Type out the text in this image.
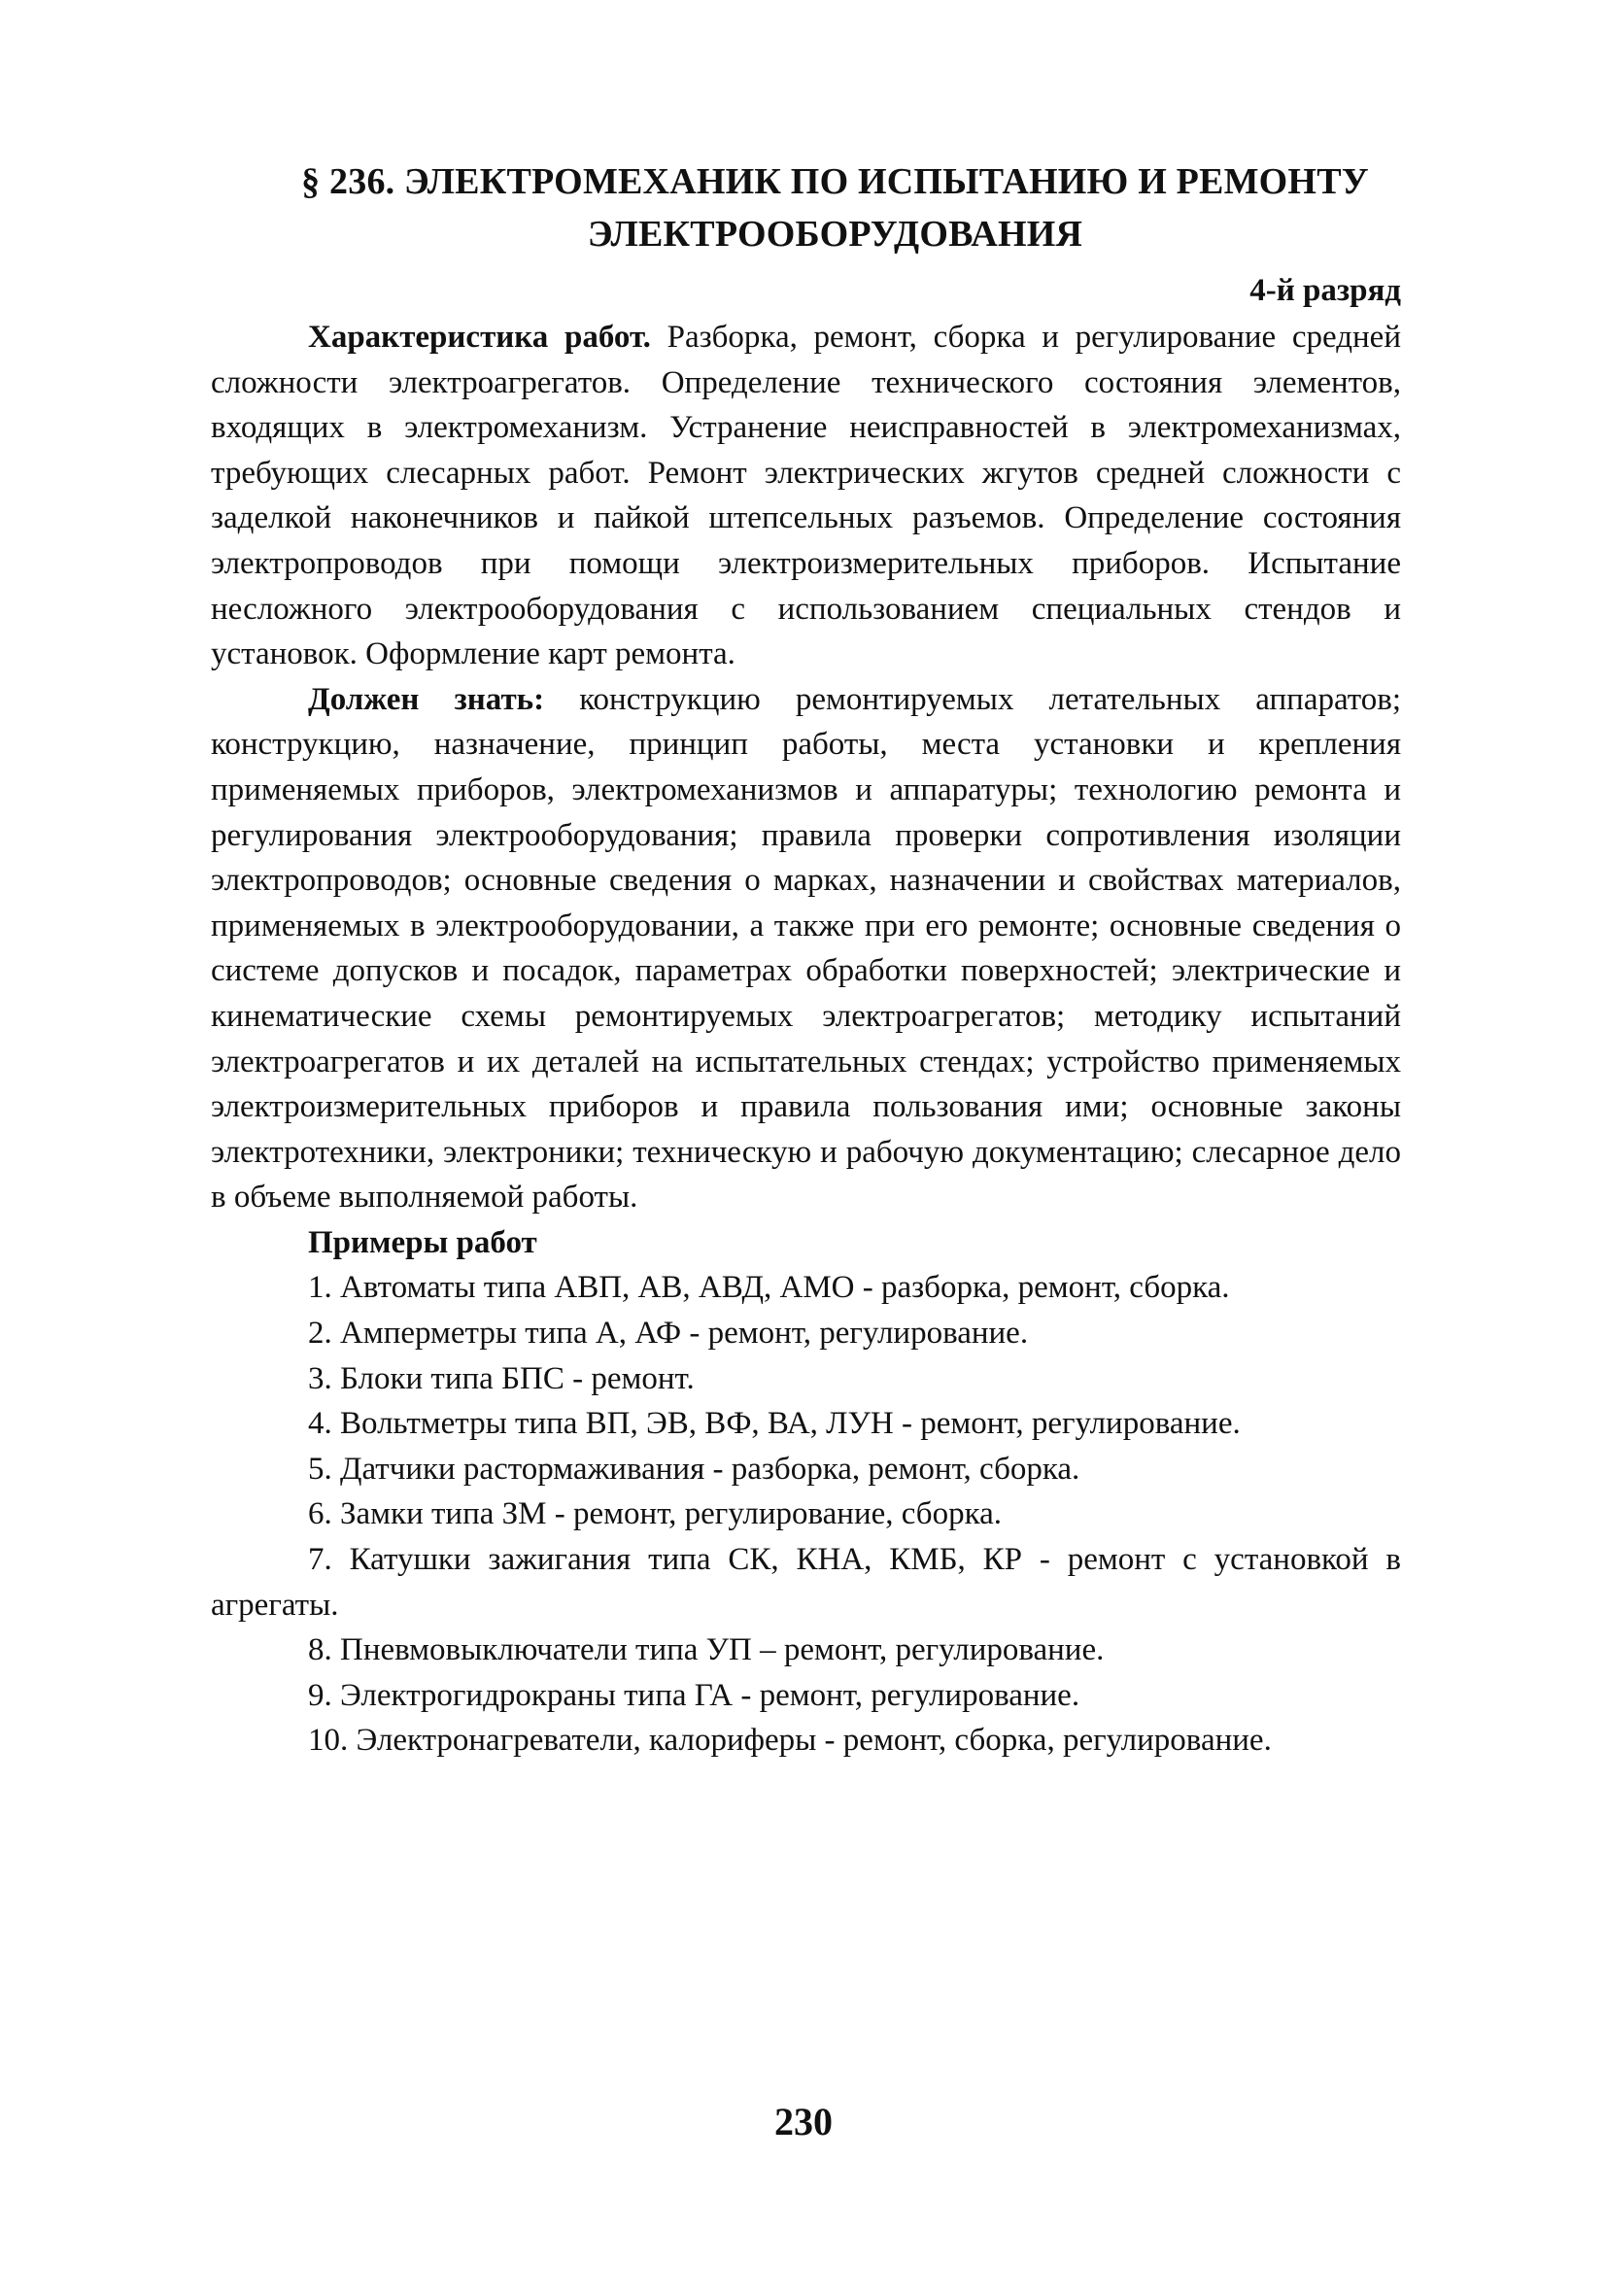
§ 236. ЭЛЕКТРОМЕХАНИК ПО ИСПЫТАНИЮ И РЕМОНТУ
ЭЛЕКТРООБОРУДОВАНИЯ
4-й разряд

Характеристика работ. Разборка, ремонт, сборка и регулирование средней сложности электроагрегатов. Определение технического состояния элементов, входящих в электромеханизм. Устранение неисправностей в электромеханизмах, требующих слесарных работ. Ремонт электрических жгутов средней сложности с заделкой наконечников и пайкой штепсельных разъемов. Определение состояния электропроводов при помощи электроизмерительных приборов. Испытание несложного электрооборудования с использованием специальных стендов и установок. Оформление карт ремонта.

Должен знать: конструкцию ремонтируемых летательных аппаратов; конструкцию, назначение, принцип работы, места установки и крепления применяемых приборов, электромеханизмов и аппаратуры; технологию ремонта и регулирования электрооборудования; правила проверки сопротивления изоляции электропроводов; основные сведения о марках, назначении и свойствах материалов, применяемых в электрооборудовании, а также при его ремонте; основные сведения о системе допусков и посадок, параметрах обработки поверхностей; электрические и кинематические схемы ремонтируемых электроагрегатов; методику испытаний электроагрегатов и их деталей на испытательных стендах; устройство применяемых электроизмерительных приборов и правила пользования ими; основные законы электротехники, электроники; техническую и рабочую документацию; слесарное дело в объеме выполняемой работы.

Примеры работ
1. Автоматы типа АВП, АВ, АВД, АМО - разборка, ремонт, сборка.
2. Амперметры типа А, АФ - ремонт, регулирование.
3. Блоки типа БПС - ремонт.
4. Вольтметры типа ВП, ЭВ, ВФ, ВА, ЛУН - ремонт, регулирование.
5. Датчики растормаживания - разборка, ремонт, сборка.
6. Замки типа ЗМ - ремонт, регулирование, сборка.
7. Катушки зажигания типа СК, КНА, КМБ, КР - ремонт с установкой в агрегаты.
8. Пневмовыключатели типа УП – ремонт, регулирование.
9. Электрогидрокраны типа ГА - ремонт, регулирование.
10. Электронагреватели, калориферы - ремонт, сборка, регулирование.
230
